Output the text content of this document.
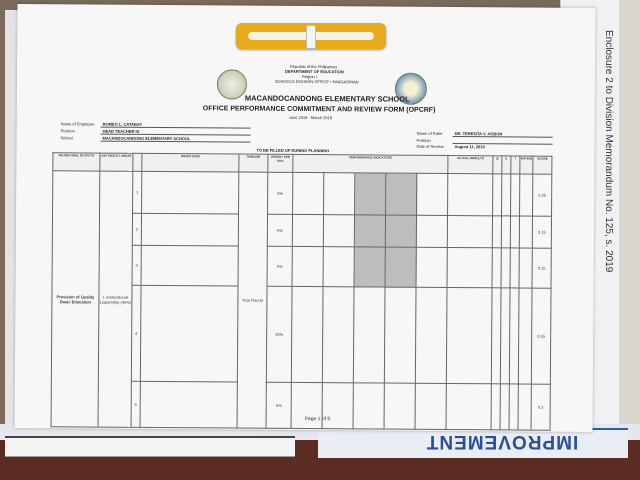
Enclosure 2 to Division Memorandum No. 125, s. 2019
IMPROVEMENT
Republic of the Philippines
DEPARTMENT OF EDUCATION
Region I
SCHOOLS DIVISION OFFICE • PANGASINAN
MACANDOCANDONG ELEMENTARY SCHOOL
OFFICE PERFORMANCE COMMITMENT AND REVIEW FORM (OPCRF)
June 2018 - March 2019
Name of Employee ROMEO L. CATABAY
Position	HEAD TEACHER III
School	MACANDOCANDONG ELEMENTARY SCHOOL
Name of Rater	DR. TERESITA V. AGBON
Position
Date of Review	August 11, 2019
TO BE FILLED UP DURING PLANNING
MAJOR FINAL OUTPUTS	KEY RESULT AREAS		OBJECTIVES	TIMELINE	WEIGHT PER KRA	PERFORMANCE INDICATORS					ACTUAL RESULTS	Q	E	T	RATING	SCORE
Provision of Quality Basic Education	I. Instructional Leadership (40%)	1		Year Round	5%											0.25
		2			5%											0.15
		3			5%											0.15
		4			15%											0.55
		5			5%											0.2
Page 1 of 6
